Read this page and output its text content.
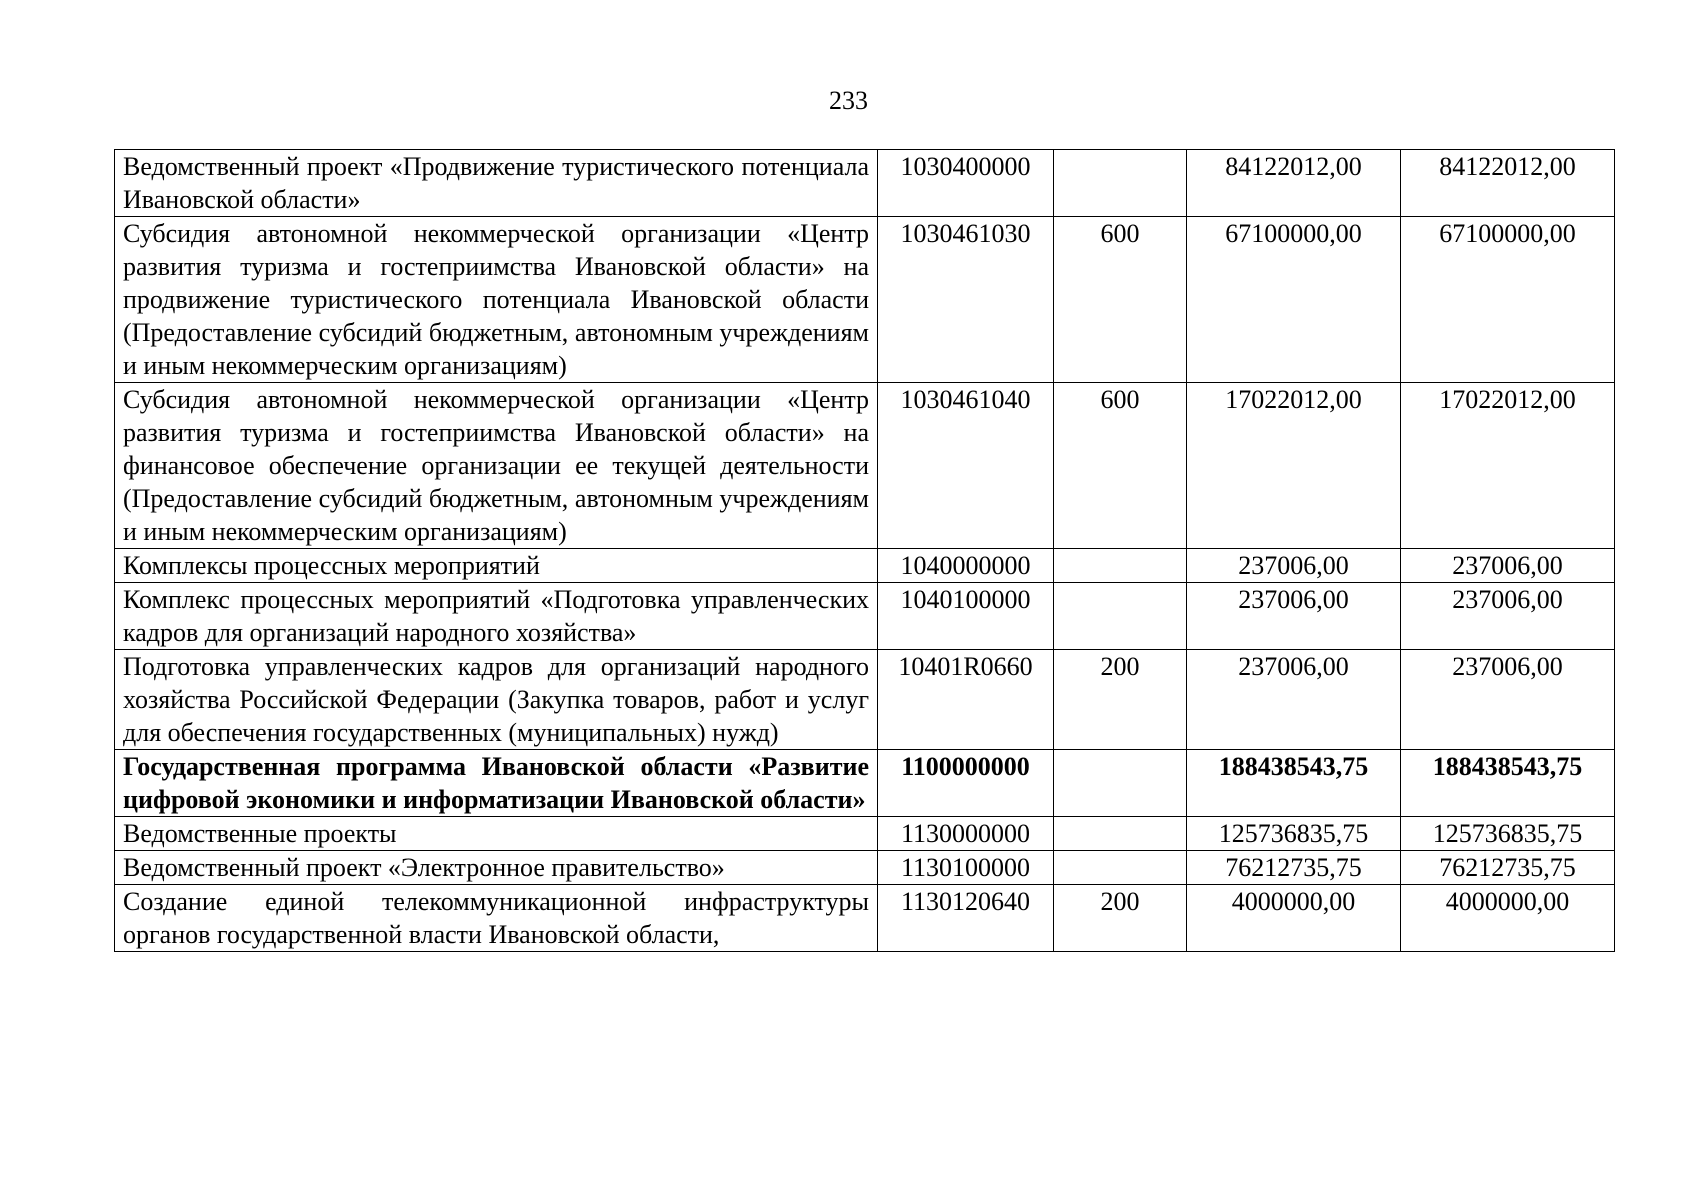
233
Ведомственный проект «Продвижение туристического потенциала Ивановской области»	1030400000		84122012,00	84122012,00
Субсидия автономной некоммерческой организации «Центр развития туризма и гостеприимства Ивановской области» на продвижение туристического потенциала Ивановской области (Предоставление субсидий бюджетным, автономным учреждениям и иным некоммерческим организациям)	1030461030	600	67100000,00	67100000,00
Субсидия автономной некоммерческой организации «Центр развития туризма и гостеприимства Ивановской области» на финансовое обеспечение организации ее текущей деятельности (Предоставление субсидий бюджетным, автономным учреждениям и иным некоммерческим организациям)	1030461040	600	17022012,00	17022012,00
Комплексы процессных мероприятий	1040000000		237006,00	237006,00
Комплекс процессных мероприятий «Подготовка управленческих кадров для организаций народного хозяйства»	1040100000		237006,00	237006,00
Подготовка управленческих кадров для организаций народного хозяйства Российской Федерации (Закупка товаров, работ и услуг для обеспечения государственных (муниципальных) нужд)	10401R0660	200	237006,00	237006,00
Государственная программа Ивановской области «Развитие цифровой экономики и информатизации Ивановской области»	1100000000		188438543,75	188438543,75
Ведомственные проекты	1130000000		125736835,75	125736835,75
Ведомственный проект «Электронное правительство»	1130100000		76212735,75	76212735,75

Создание единой телекоммуникационной инфраструктуры органов государственной власти Ивановской области,	1130120640	200	4000000,00	4000000,00
